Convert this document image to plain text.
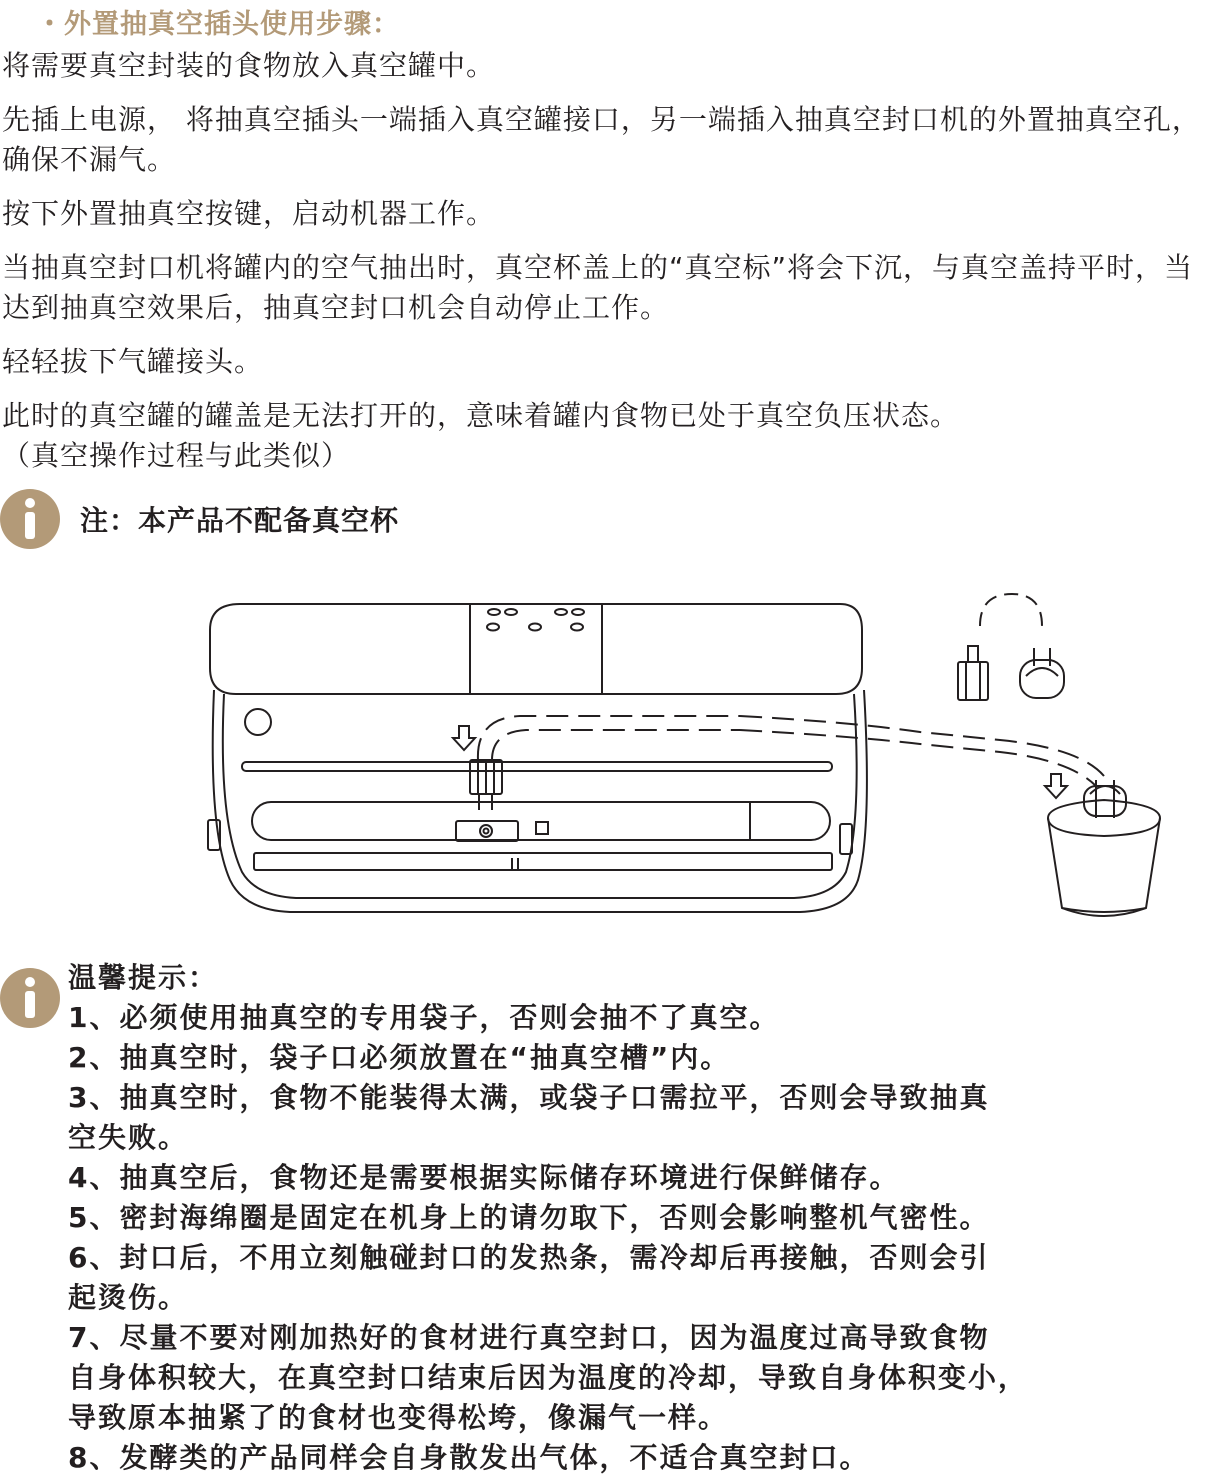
・外置抽真空插头使用步骤：
将需要真空封装的食物放入真空罐中。
先插上电源， 将抽真空插头一端插入真空罐接口，另一端插入抽真空封口机的外置抽真空孔，确保不漏气。
按下外置抽真空按键，启动机器工作。
当抽真空封口机将罐内的空气抽出时，真空杯盖上的“真空标”将会下沉，与真空盖持平时，当达到抽真空效果后，抽真空封口机会自动停止工作。
轻轻拔下气罐接头。
此时的真空罐的罐盖是无法打开的，意味着罐内食物已处于真空负压状态。
（真空操作过程与此类似）
注：本产品不配备真空杯
温馨提示：
1、必须使用抽真空的专用袋子，否则会抽不了真空。
2、抽真空时，袋子口必须放置在“抽真空槽”内。
3、抽真空时，食物不能装得太满，或袋子口需拉平，否则会导致抽真
空失败。
4、抽真空后，食物还是需要根据实际储存环境进行保鲜储存。
5、密封海绵圈是固定在机身上的请勿取下，否则会影响整机气密性。
6、封口后，不用立刻触碰封口的发热条，需冷却后再接触，否则会引
起烫伤。
7、尽量不要对刚加热好的食材进行真空封口，因为温度过高导致食物
自身体积较大，在真空封口结束后因为温度的冷却，导致自身体积变小，
导致原本抽紧了的食材也变得松垮，像漏气一样。
8、发酵类的产品同样会自身散发出气体，不适合真空封口。
